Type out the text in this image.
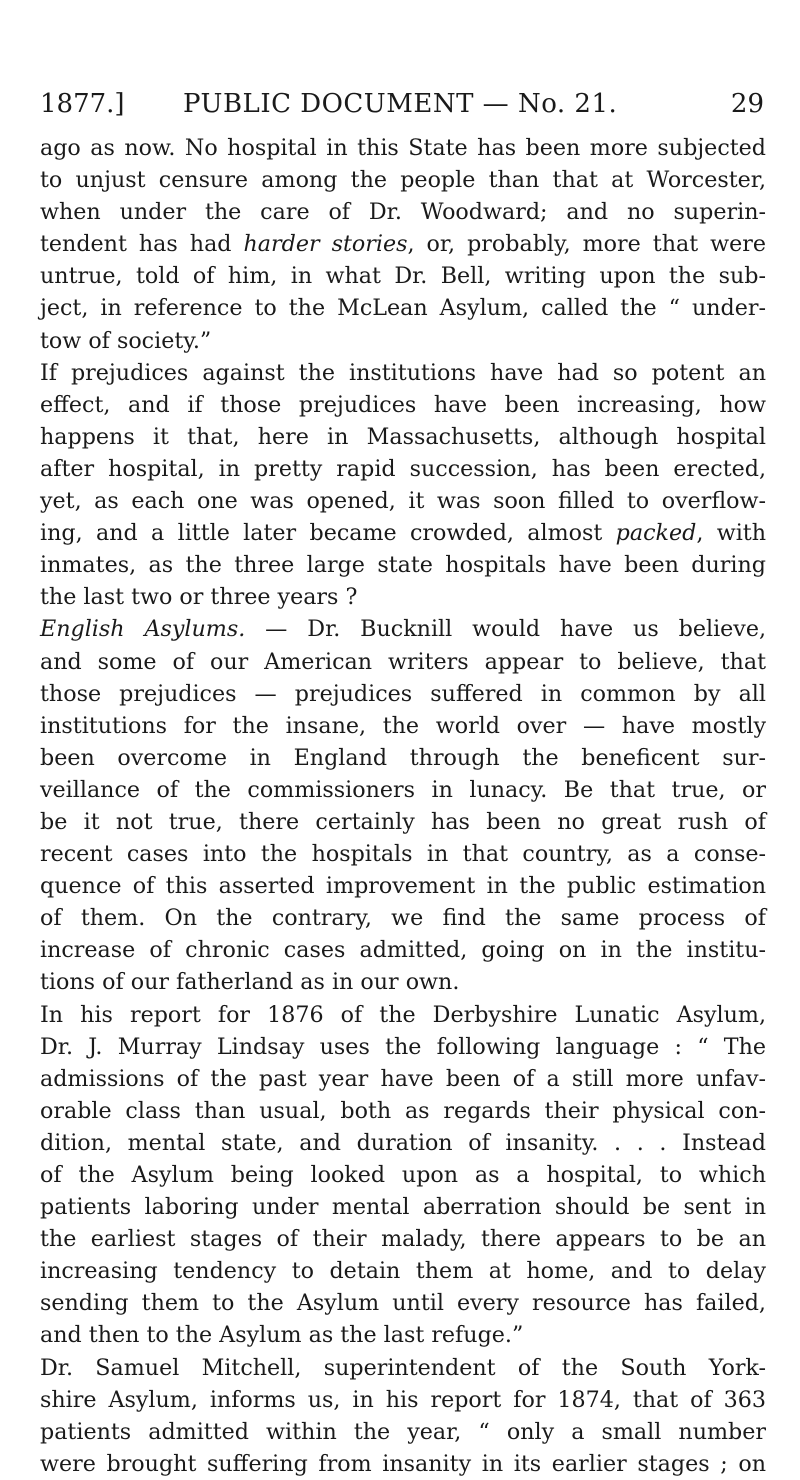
1877.] PUBLIC DOCUMENT — No. 21.	29
ago as now. No hospital in this State has been more subjected
to unjust censure among the people than that at Worcester,
when under the care of Dr. Woodward; and no superin-
tendent has had harder stories, or, probably, more that were
untrue, told of him, in what Dr. Bell, writing upon the sub-
ject, in reference to the McLean Asylum, called the “ under-
tow of society.”
If prejudices against the institutions have had so potent an
effect, and if those prejudices have been increasing, how
happens it that, here in Massachusetts, although hospital
after hospital, in pretty rapid succession, has been erected,
yet, as each one was opened, it was soon filled to overflow-
ing, and a little later became crowded, almost packed, with
inmates, as the three large state hospitals have been during
the last two or three years ?
English Asylums. — Dr. Bucknill would have us believe,
and some of our American writers appear to believe, that
those prejudices — prejudices suffered in common by all
institutions for the insane, the world over — have mostly
been overcome in England through the beneficent sur-
veillance of the commissioners in lunacy. Be that true, or
be it not true, there certainly has been no great rush of
recent cases into the hospitals in that country, as a conse-
quence of this asserted improvement in the public estimation
of them. On the contrary, we find the same process of
increase of chronic cases admitted, going on in the institu-
tions of our fatherland as in our own.
In his report for 1876 of the Derbyshire Lunatic Asylum,
Dr. J. Murray Lindsay uses the following language : “ The
admissions of the past year have been of a still more unfav-
orable class than usual, both as regards their physical con-
dition, mental state, and duration of insanity. . . . Instead
of the Asylum being looked upon as a hospital, to which
patients laboring under mental aberration should be sent in
the earliest stages of their malady, there appears to be an
increasing tendency to detain them at home, and to delay
sending them to the Asylum until every resource has failed,
and then to the Asylum as the last refuge.”
Dr. Samuel Mitchell, superintendent of the South York-
shire Asylum, informs us, in his report for 1874, that of 363
patients admitted within the year, “ only a small number
were brought suffering from insanity in its earlier stages ; on
